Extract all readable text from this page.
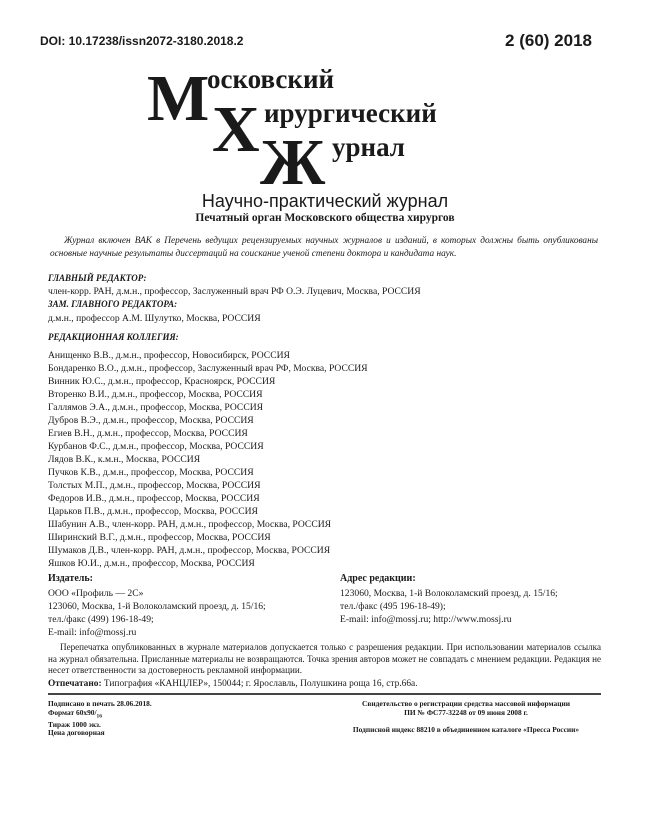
DOI: 10.17238/issn2072-3180.2018.2	2 (60) 2018
М
осковский
Х ирургический
Ж урнал
Научно-практический журнал
Печатный орган Московского общества хирургов
Журнал включен ВАК в Перечень ведущих рецензируемых научных журналов и изданий, в которых должны быть опубликованы основные научные результаты диссертаций на соискание ученой степени доктора и кандидата наук.
ГЛАВНЫЙ РЕДАКТОР:
член-корр. РАН, д.м.н., профессор, Заслуженный врач РФ О.Э. Луцевич, Москва, РОССИЯ
ЗАМ. ГЛАВНОГО РЕДАКТОРА:
д.м.н., профессор А.М. Шулутко, Москва, РОССИЯ
РЕДАКЦИОННАЯ КОЛЛЕГИЯ:
Анищенко В.В., д.м.н., профессор, Новосибирск, РОССИЯ
Бондаренко В.О., д.м.н., профессор, Заслуженный врач РФ, Москва, РОССИЯ
Винник Ю.С., д.м.н., профессор, Красноярск, РОССИЯ
Вторенко В.И., д.м.н., профессор, Москва, РОССИЯ
Галлямов Э.А., д.м.н., профессор, Москва, РОССИЯ
Дубров В.Э., д.м.н., профессор, Москва, РОССИЯ
Егиев В.Н., д.м.н., профессор, Москва, РОССИЯ
Курбанов Ф.С., д.м.н., профессор, Москва, РОССИЯ
Лядов В.К., к.м.н., Москва, РОССИЯ
Пучков К.В., д.м.н., профессор, Москва, РОССИЯ
Толстых М.П., д.м.н., профессор, Москва, РОССИЯ
Федоров И.В., д.м.н., профессор, Москва, РОССИЯ
Царьков П.В., д.м.н., профессор, Москва, РОССИЯ
Шабунин А.В., член-корр. РАН, д.м.н., профессор, Москва, РОССИЯ
Ширинский В.Г., д.м.н., профессор, Москва, РОССИЯ
Шумаков Д.В., член-корр. РАН, д.м.н., профессор, Москва, РОССИЯ
Яшков Ю.И., д.м.н., профессор, Москва, РОССИЯ
Издатель:
ООО «Профиль — 2С»
123060, Москва, 1-й Волоколамский проезд, д. 15/16;
тел./факс (499) 196-18-49;
E-mail: info@mossj.ru
Адрес редакции:
123060, Москва, 1-й Волоколамский проезд, д. 15/16;
тел./факс (495 196-18-49);
E-mail: info@mossj.ru; http://www.mossj.ru
Перепечатка опубликованных в журнале материалов допускается только с разрешения редакции. При использовании материалов ссылка на журнал обязательна. Присланные материалы не возвращаются. Точка зрения авторов может не совпадать с мнением редакции. Редакция не несет ответственности за достоверность рекламной информации.
Отпечатано: Типография «КАНЦЛЕР», 150044; г. Ярославль, Полушкина роща 16, стр.66а.
Подписано в печать 28.06.2018.
Формат $60х90/_{16}$
Тираж 1000 экз.
Цена договорная
Свидетельство о регистрации средства массовой информации
ПИ № ФС77-32248 от 09 июня 2008 г.
Подписной индекс 88210 в объединенном каталоге «Пресса России»
